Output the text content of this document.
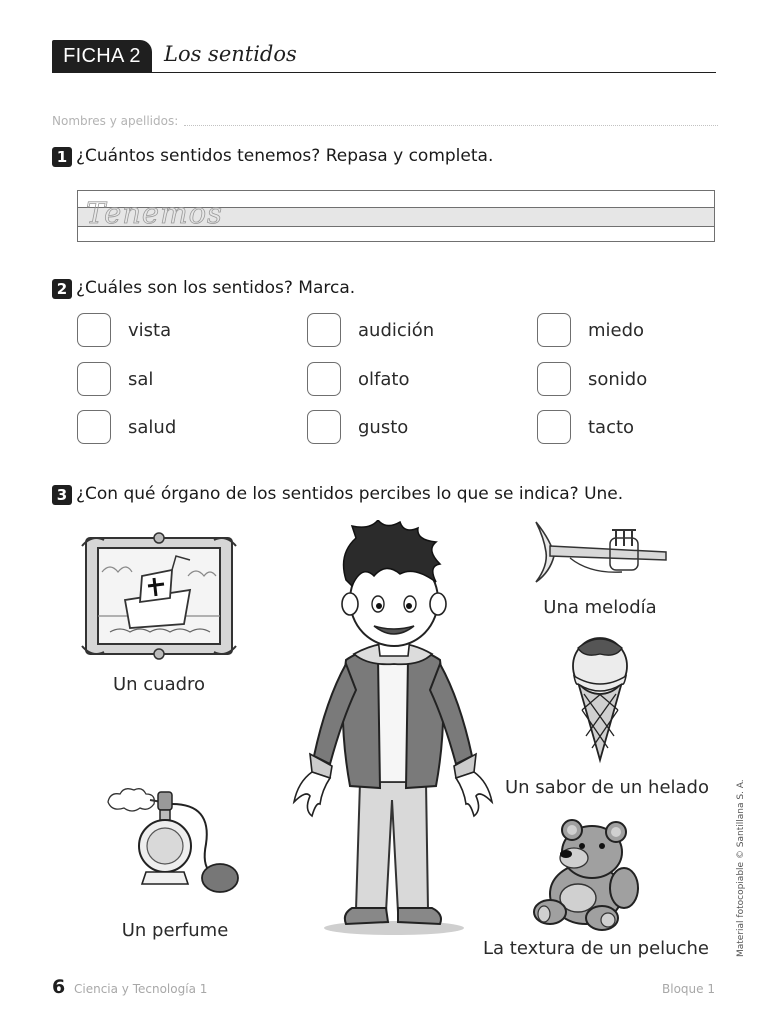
FICHA 2	Los sentidos
Nombres y apellidos:
1 ¿Cuántos sentidos tenemos? Repasa y completa.
Tenemos
2 ¿Cuáles son los sentidos? Marca.
vista	audición	miedo
sal	olfato	sonido
salud	gusto	tacto
3 ¿Con qué órgano de los sentidos percibes lo que se indica? Une.
Un cuadro
Una melodía
Un sabor de un helado
Un perfume
La textura de un peluche	Material fotocopiable © Santillana S. A.
6 Ciencia y Tecnología 1	Bloque 1
